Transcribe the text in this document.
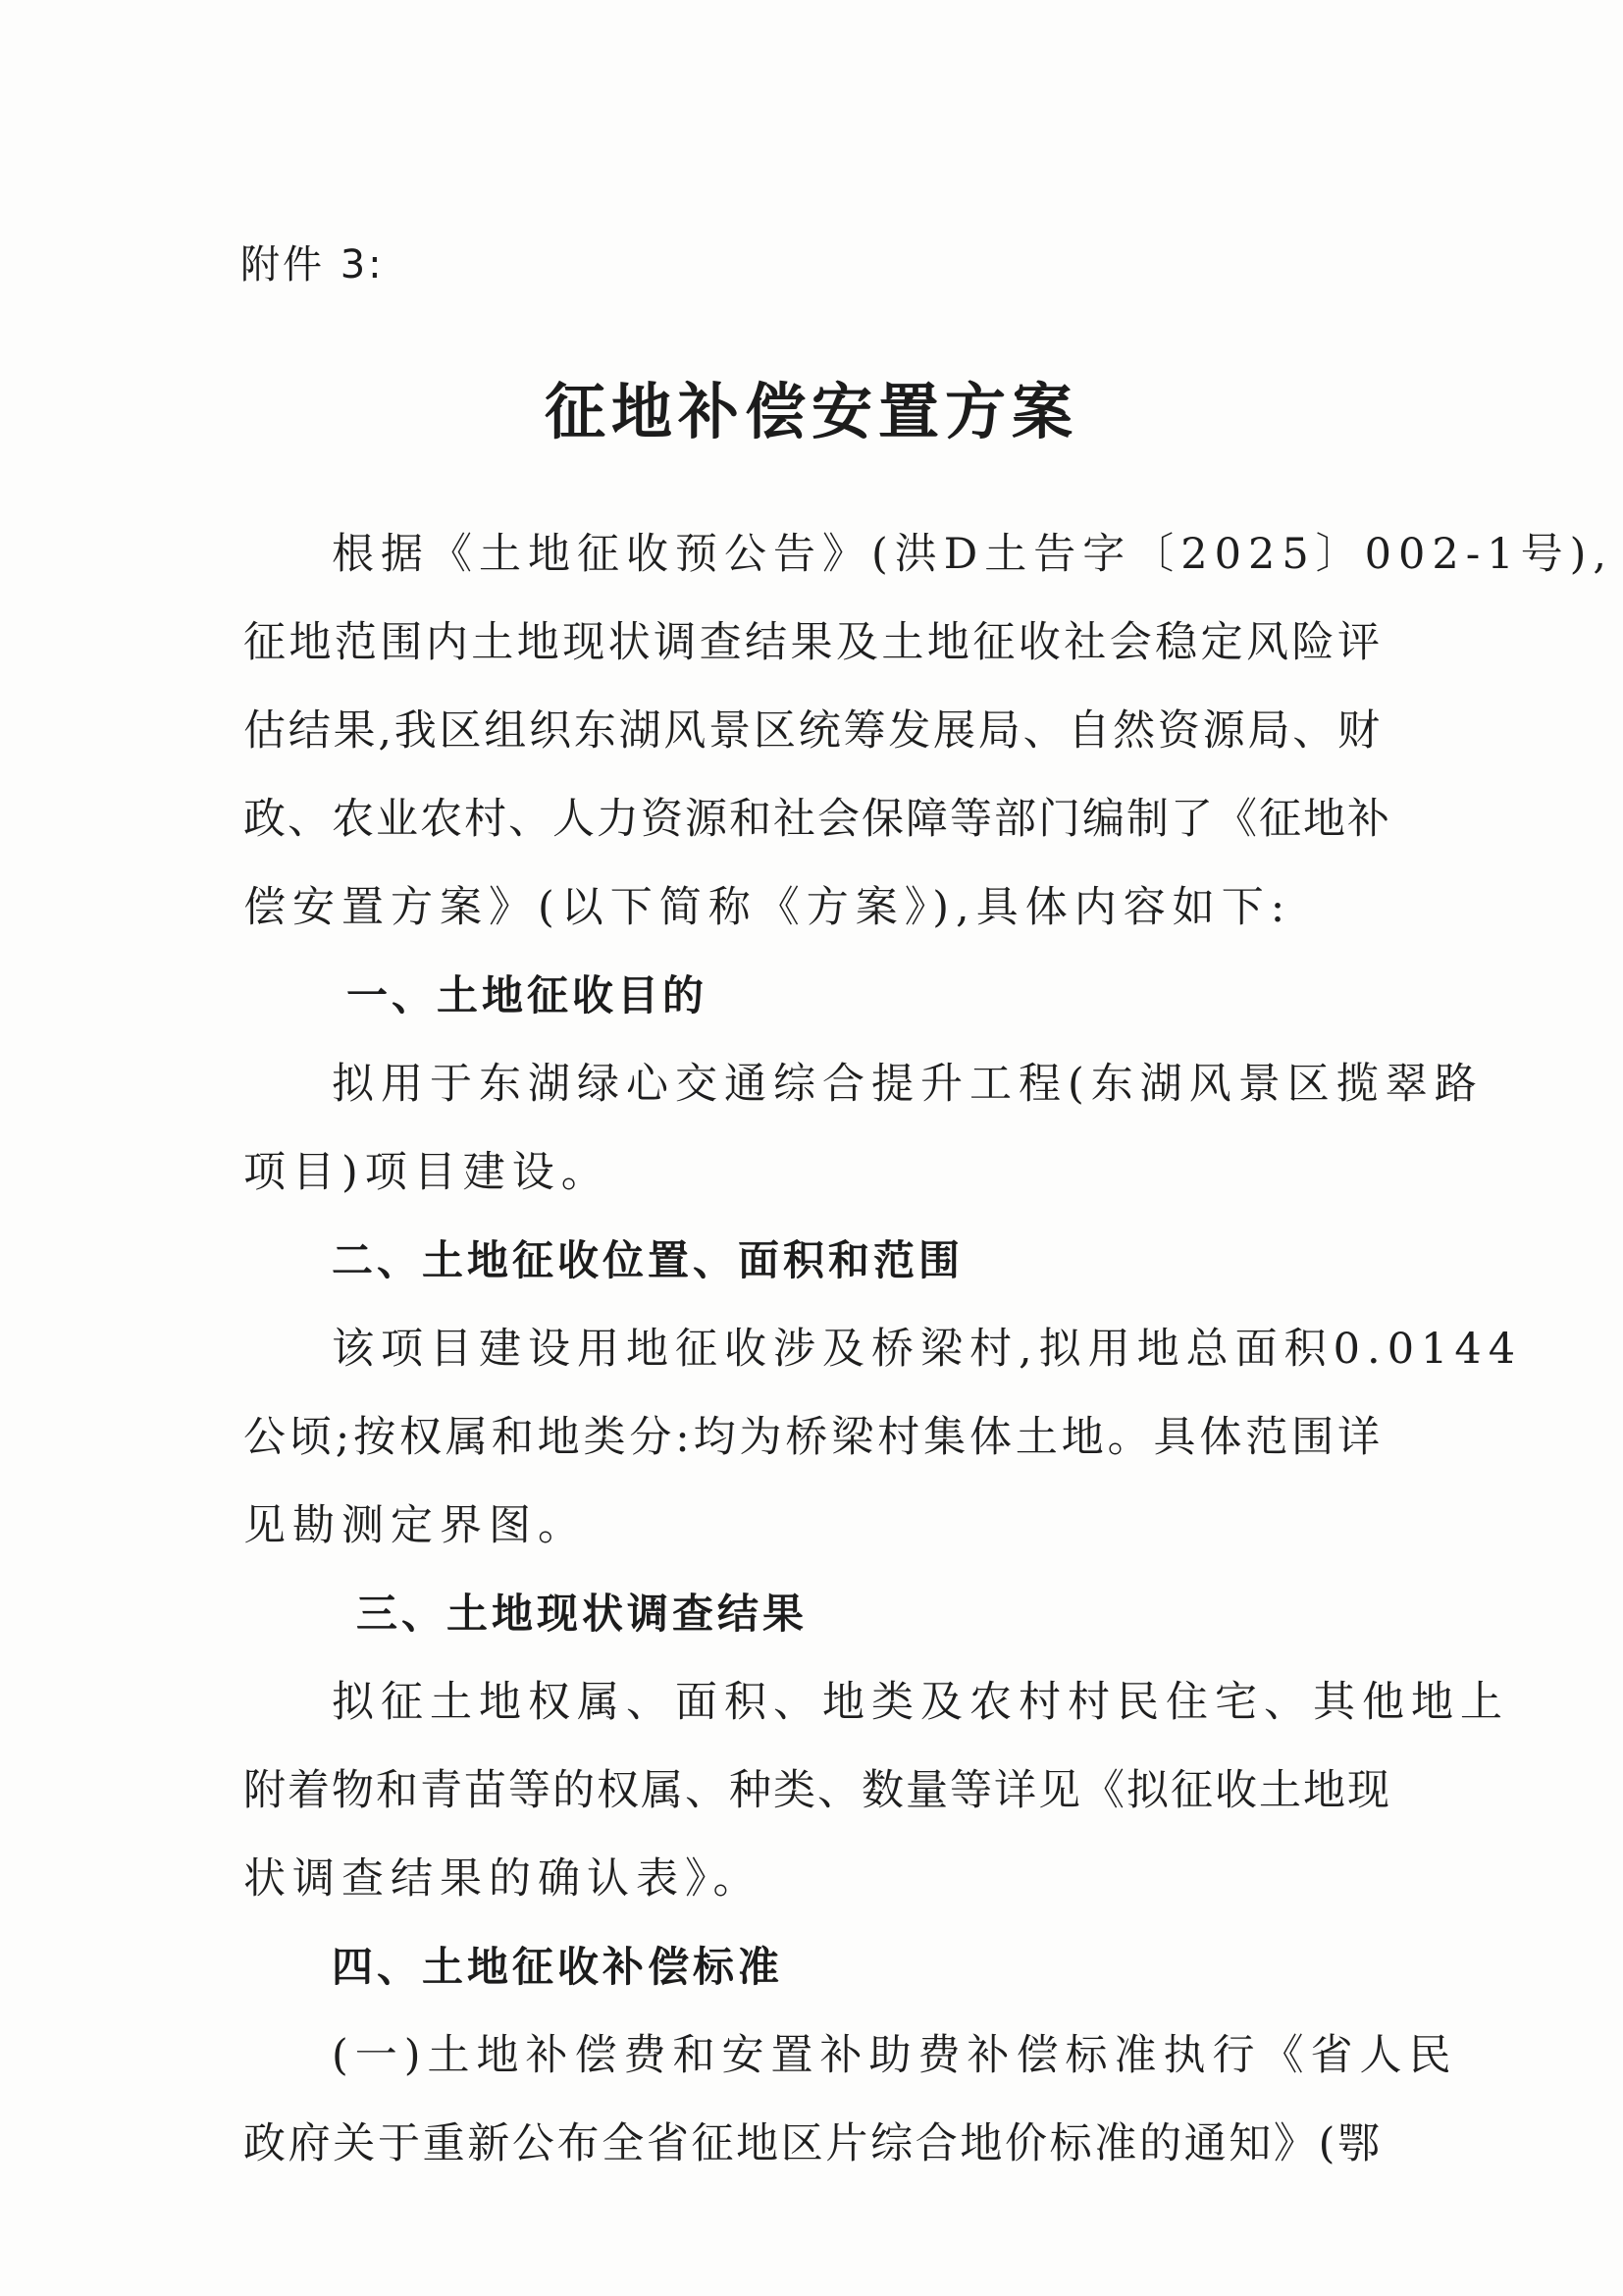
附件 3:
征地补偿安置方案
根据《土地征收预公告》(洪D土告字〔2025〕002-1号),
征地范围内土地现状调查结果及土地征收社会稳定风险评
估结果,我区组织东湖风景区统筹发展局、自然资源局、财
政、农业农村、人力资源和社会保障等部门编制了《征地补
偿安置方案》(以下简称《方案》),具体内容如下:
一、土地征收目的
拟用于东湖绿心交通综合提升工程(东湖风景区揽翠路
项目)项目建设。
二、土地征收位置、面积和范围
该项目建设用地征收涉及桥梁村,拟用地总面积0.0144
公顷;按权属和地类分:均为桥梁村集体土地。具体范围详
见勘测定界图。
三、土地现状调查结果
拟征土地权属、面积、地类及农村村民住宅、其他地上
附着物和青苗等的权属、种类、数量等详见《拟征收土地现
状调查结果的确认表》。
四、土地征收补偿标准
(一)土地补偿费和安置补助费补偿标准执行《省人民
政府关于重新公布全省征地区片综合地价标准的通知》(鄂
